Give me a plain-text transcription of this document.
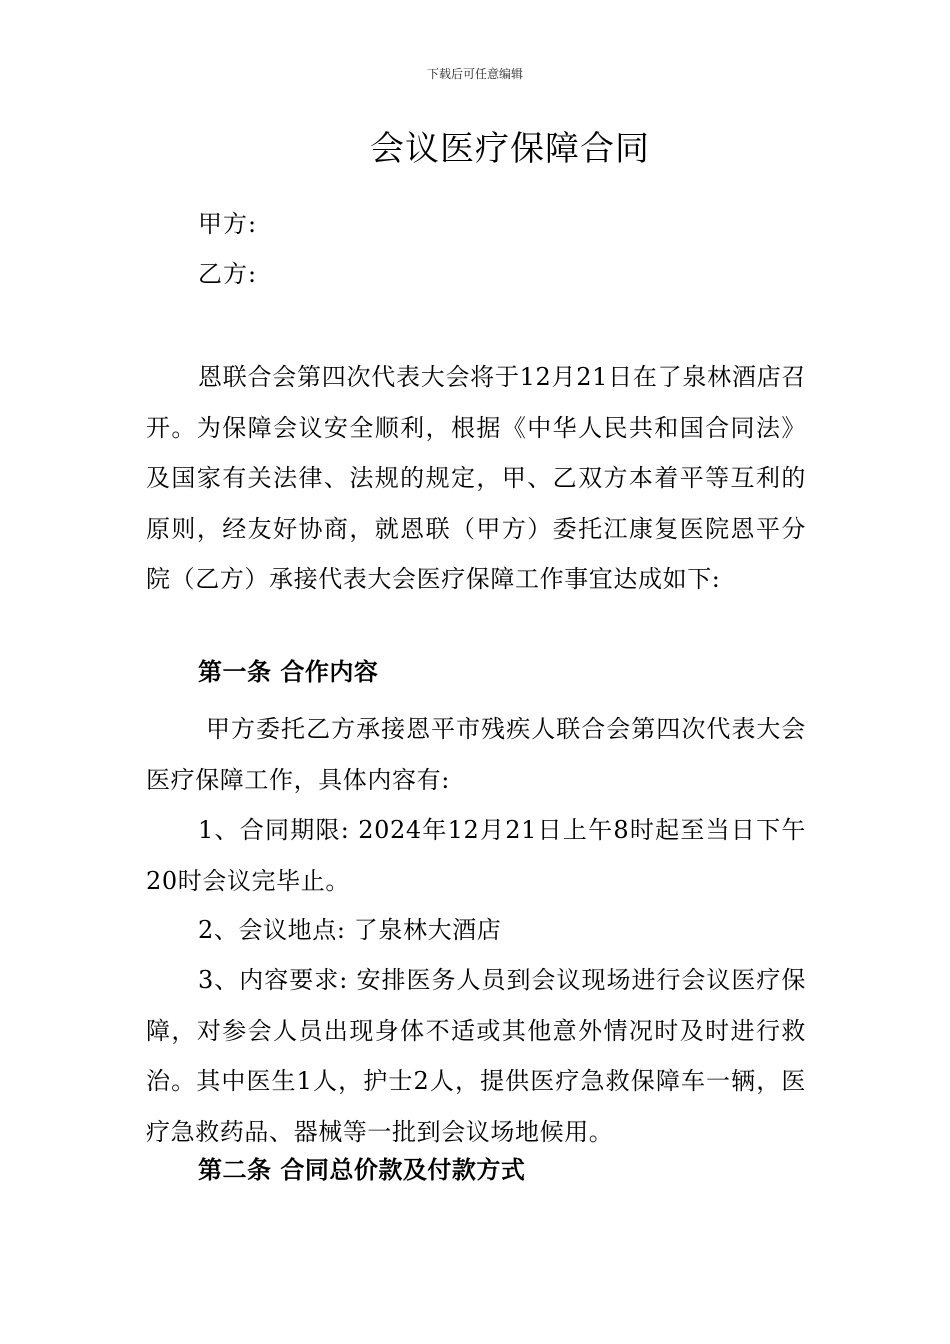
下载后可任意编辑
会议医疗保障合同
甲方:
乙方:

恩联合会第四次代表大会将于12月21日在了泉林酒店召开。为保障会议安全顺利，根据《中华人民共和国合同法》及国家有关法律、法规的规定，甲、乙双方本着平等互利的原则，经友好协商，就恩联（甲方）委托江康复医院恩平分院（乙方）承接代表大会医疗保障工作事宜达成如下:

第一条 合作内容

甲方委托乙方承接恩平市残疾人联合会第四次代表大会医疗保障工作，具体内容有:

1、合同期限: 2024年12月21日上午8时起至当日下午20时会议完毕止。

2、会议地点: 了泉林大酒店

3、内容要求: 安排医务人员到会议现场进行会议医疗保障，对参会人员出现身体不适或其他意外情况时及时进行救治。其中医生1人，护士2人，提供医疗急救保障车一辆，医疗急救药品、器械等一批到会议场地候用。

第二条 合同总价款及付款方式
